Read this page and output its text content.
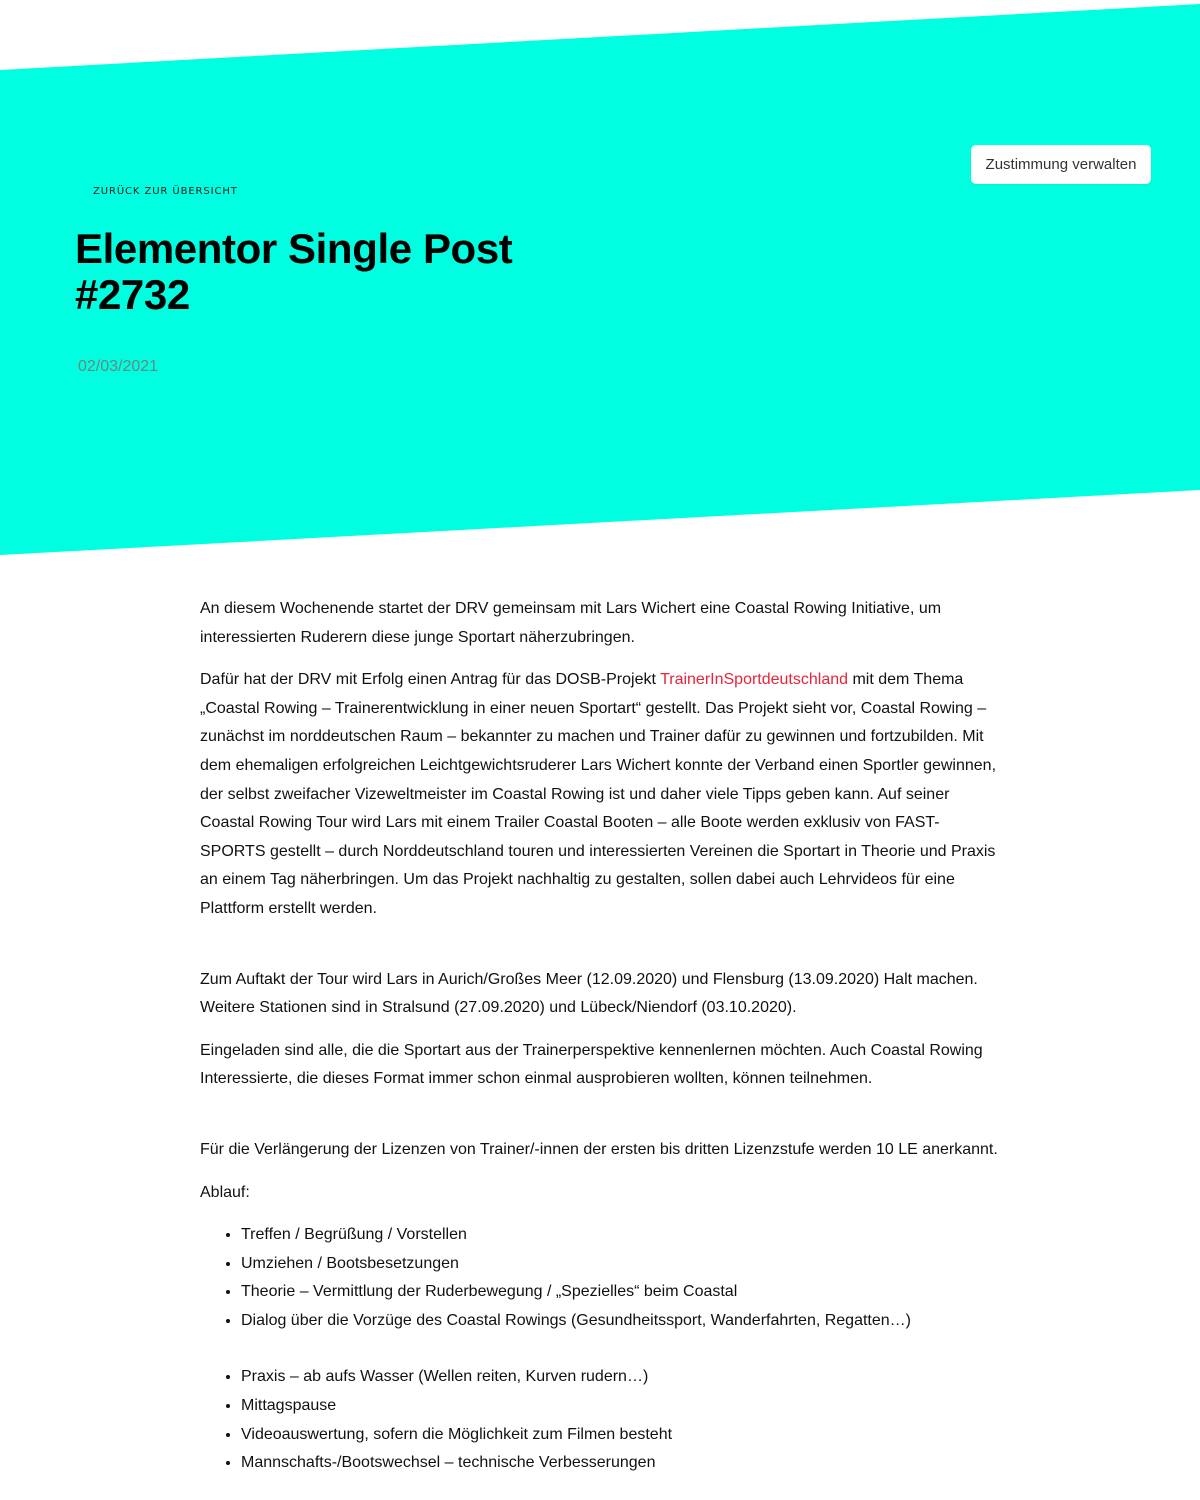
Zustimmung verwalten
ZURÜCK ZUR ÜBERSICHT
Elementor Single Post #2732
02/03/2021

An diesem Wochenende startet der DRV gemeinsam mit Lars Wichert eine Coastal Rowing Initiative, um interessierten Ruderern diese junge Sportart näherzubringen.

Dafür hat der DRV mit Erfolg einen Antrag für das DOSB-Projekt TrainerInSportdeutschland mit dem Thema „Coastal Rowing – Trainerentwicklung in einer neuen Sportart“ gestellt. Das Projekt sieht vor, Coastal Rowing – zunächst im norddeutschen Raum – bekannter zu machen und Trainer dafür zu gewinnen und fortzubilden. Mit dem ehemaligen erfolgreichen Leichtgewichtsruderer Lars Wichert konnte der Verband einen Sportler gewinnen, der selbst zweifacher Vizeweltmeister im Coastal Rowing ist und daher viele Tipps geben kann. Auf seiner Coastal Rowing Tour wird Lars mit einem Trailer Coastal Booten – alle Boote werden exklusiv von FAST-SPORTS gestellt – durch Norddeutschland touren und interessierten Vereinen die Sportart in Theorie und Praxis an einem Tag näherbringen. Um das Projekt nachhaltig zu gestalten, sollen dabei auch Lehrvideos für eine Plattform erstellt werden.

Zum Auftakt der Tour wird Lars in Aurich/Großes Meer (12.09.2020) und Flensburg (13.09.2020) Halt machen. Weitere Stationen sind in Stralsund (27.09.2020) und Lübeck/Niendorf (03.10.2020).

Eingeladen sind alle, die die Sportart aus der Trainerperspektive kennenlernen möchten. Auch Coastal Rowing Interessierte, die dieses Format immer schon einmal ausprobieren wollten, können teilnehmen.

Für die Verlängerung der Lizenzen von Trainer/-innen der ersten bis dritten Lizenzstufe werden 10 LE anerkannt.

Ablauf:

• Treffen / Begrüßung / Vorstellen
• Umziehen / Bootsbesetzungen
• Theorie – Vermittlung der Ruderbewegung / „Spezielles“ beim Coastal
• Dialog über die Vorzüge des Coastal Rowings (Gesundheitssport, Wanderfahrten, Regatten…)
• Praxis – ab aufs Wasser (Wellen reiten, Kurven rudern…)
• Mittagspause
• Videoauswertung, sofern die Möglichkeit zum Filmen besteht
• Mannschafts-/Bootswechsel – technische Verbesserungen
